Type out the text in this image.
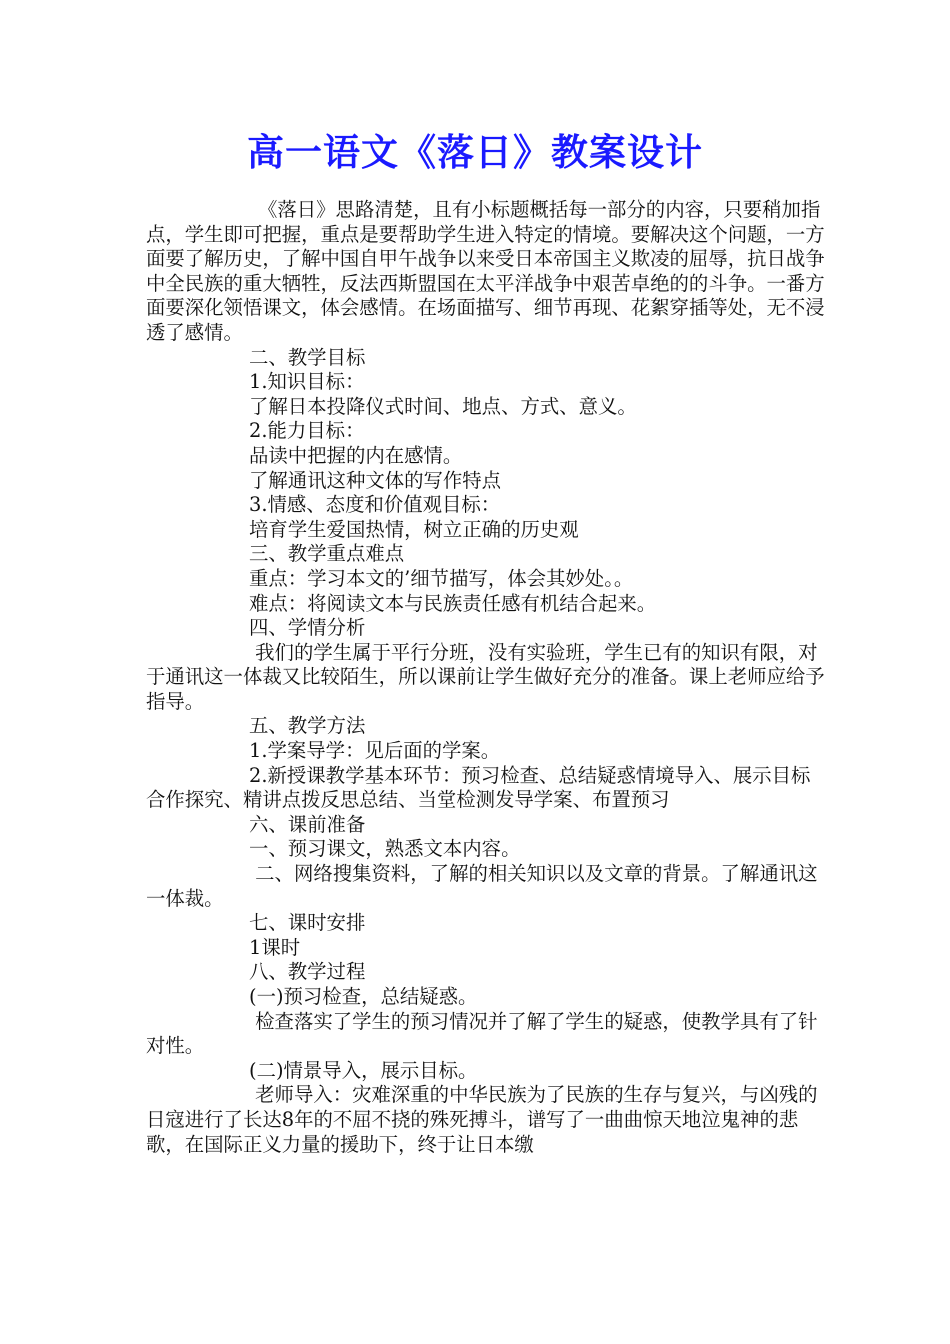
高一语文《落日》教案设计

《落日》思路清楚，且有小标题概括每一部分的内容，只要稍加指点，学生即可把握，重点是要帮助学生进入特定的情境。要解决这个问题，一方面要了解历史，了解中国自甲午战争以来受日本帝国主义欺凌的屈辱，抗日战争中全民族的重大牺牲，反法西斯盟国在太平洋战争中艰苦卓绝的的斗争。一番方面要深化领悟课文，体会感情。在场面描写、细节再现、花絮穿插等处，无不浸透了感情。

二、教学目标

1.知识目标：

了解日本投降仪式时间、地点、方式、意义。

2.能力目标：

品读中把握的内在感情。

了解通讯这种文体的写作特点

3.情感、态度和价值观目标：

培育学生爱国热情，树立正确的历史观

三、教学重点难点

重点：学习本文的’细节描写，体会其妙处。。

难点：将阅读文本与民族责任感有机结合起来。

四、学情分析

我们的学生属于平行分班，没有实验班，学生已有的知识有限，对于通讯这一体裁又比较陌生，所以课前让学生做好充分的准备。课上老师应给予指导。

五、教学方法

1.学案导学：见后面的学案。

2.新授课教学基本环节：预习检查、总结疑惑情境导入、展示目标合作探究、精讲点拨反思总结、当堂检测发导学案、布置预习

六、课前准备

一、预习课文，熟悉文本内容。

二、网络搜集资料，了解的相关知识以及文章的背景。了解通讯这一体裁。

七、课时安排

1课时

八、教学过程

(一)预习检查，总结疑惑。

检查落实了学生的预习情况并了解了学生的疑惑，使教学具有了针对性。

(二)情景导入，展示目标。

老师导入：灾难深重的中华民族为了民族的生存与复兴，与凶残的日寇进行了长达8年的不屈不挠的殊死搏斗，谱写了一曲曲惊天地泣鬼神的悲歌，在国际正义力量的援助下，终于让日本缴
